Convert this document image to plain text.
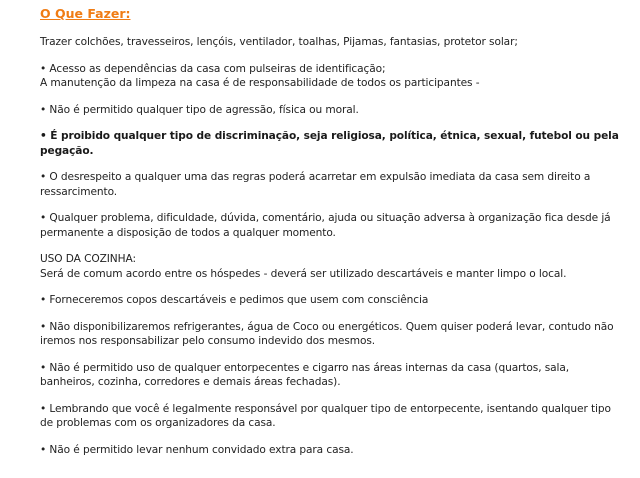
O Que Fazer:
Trazer colchões, travesseiros, lençóis, ventilador, toalhas, Pijamas, fantasias, protetor solar;
• Acesso as dependências da casa com pulseiras de identificação;
A manutenção da limpeza na casa é de responsabilidade de todos os participantes -
• Não é permitido qualquer tipo de agressão, física ou moral.
• É proibido qualquer tipo de discriminação, seja religiosa, política, étnica, sexual, futebol ou pela pegação.
• O desrespeito a qualquer uma das regras poderá acarretar em expulsão imediata da casa sem direito a ressarcimento.
• Qualquer problema, dificuldade, dúvida, comentário, ajuda ou situação adversa à organização fica desde já permanente a disposição de todos a qualquer momento.
USO DA COZINHA:
Será de comum acordo entre os hóspedes - deverá ser utilizado descartáveis e manter limpo o local.
• Forneceremos copos descartáveis e pedimos que usem com consciência
• Não disponibilizaremos refrigerantes, água de Coco ou energéticos. Quem quiser poderá levar, contudo não iremos nos responsabilizar pelo consumo indevido dos mesmos.
• Não é permitido uso de qualquer entorpecentes e cigarro nas áreas internas da casa (quartos, sala, banheiros, cozinha, corredores e demais áreas fechadas).
• Lembrando que você é legalmente responsável por qualquer tipo de entorpecente, isentando qualquer tipo de problemas com os organizadores da casa.
• Não é permitido levar nenhum convidado extra para casa.
